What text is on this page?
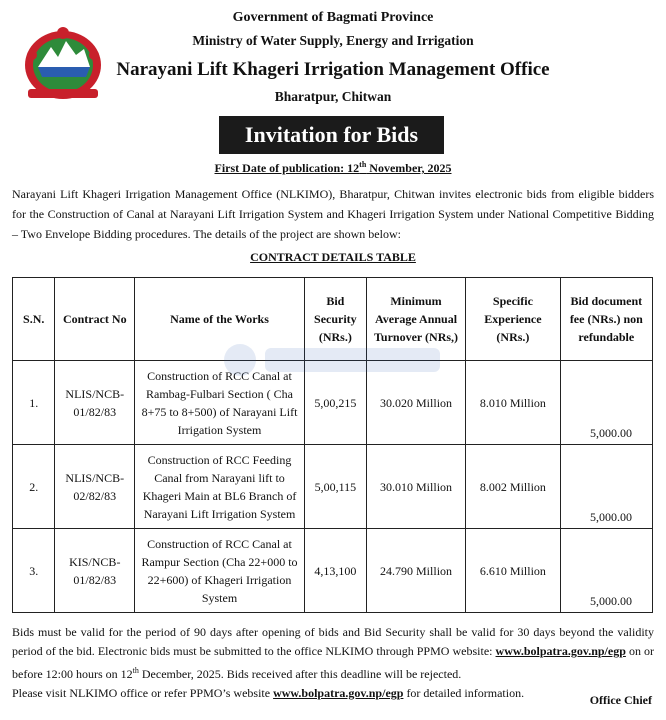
Government of Bagmati Province
Ministry of Water Supply, Energy and Irrigation
Narayani Lift Khageri Irrigation Management Office
Bharatpur, Chitwan
Invitation for Bids
First Date of publication: 12th November, 2025
Narayani Lift Khageri Irrigation Management Office (NLKIMO), Bharatpur, Chitwan invites electronic bids from eligible bidders for the Construction of Canal at Narayani Lift Irrigation System and Khageri Irrigation System under National Competitive Bidding – Two Envelope Bidding procedures. The details of the project are shown below:
CONTRACT DETAILS TABLE
S.N.	Contract No	Name of the Works	Bid Security (NRs.)	Minimum Average Annual Turnover (NRs,)	Specific Experience (NRs.)	Bid document fee (NRs.) non refundable
1.	NLIS/NCB-01/82/83	Construction of RCC Canal at Rambag-Fulbari Section ( Cha 8+75 to 8+500) of Narayani Lift Irrigation System	5,00,215	30.020 Million	8.010 Million	5,000.00
2.	NLIS/NCB-02/82/83	Construction of RCC Feeding Canal from Narayani lift to Khageri Main at BL6 Branch of Narayani Lift Irrigation System	5,00,115	30.010 Million	8.002 Million	5,000.00
3.	KIS/NCB-01/82/83	Construction of RCC Canal at Rampur Section (Cha 22+000 to 22+600) of Khageri Irrigation System	4,13,100	24.790 Million	6.610 Million	5,000.00
Bids must be valid for the period of 90 days after opening of bids and Bid Security shall be valid for 30 days beyond the validity period of the bid. Electronic bids must be submitted to the office NLKIMO through PPMO website: www.bolpatra.gov.np/egp on or before 12:00 hours on 12th December, 2025. Bids received after this deadline will be rejected.
Please visit NLKIMO office or refer PPMO’s website www.bolpatra.gov.np/egp for detailed information.	Office Chief
